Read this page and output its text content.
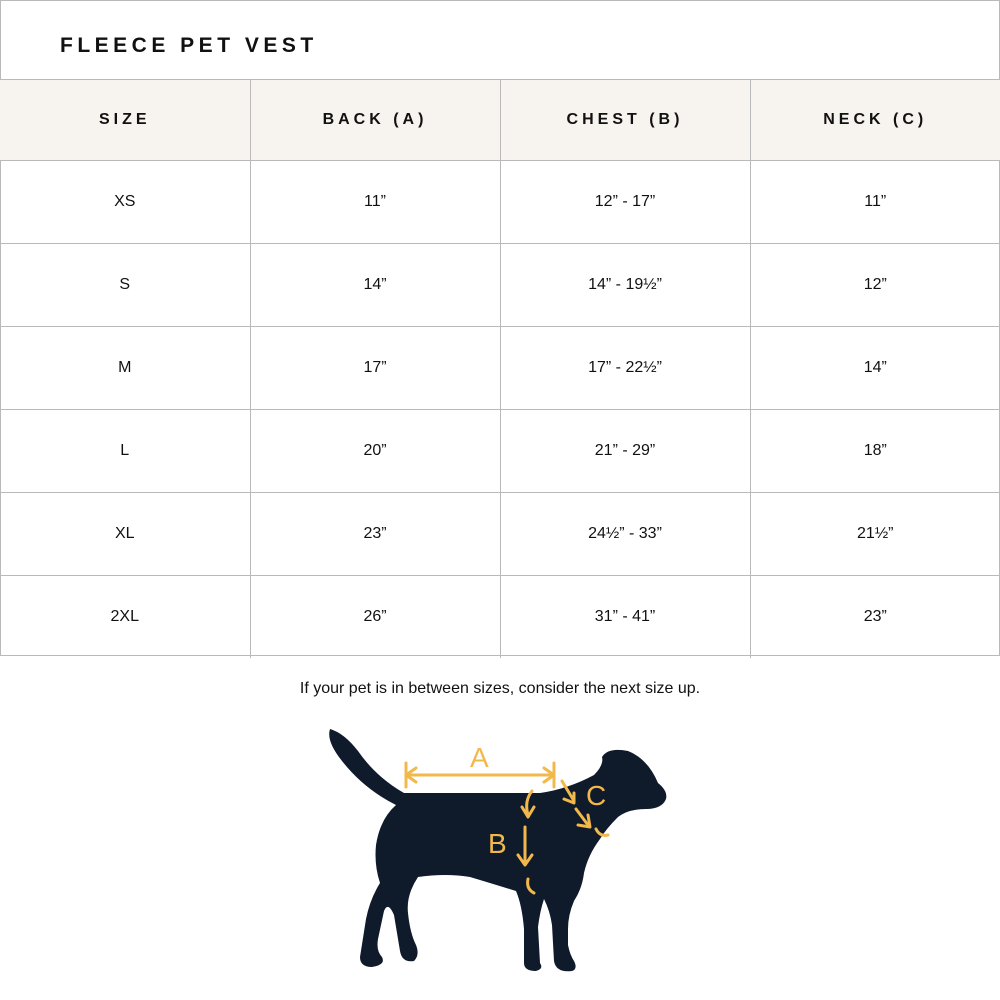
FLEECE PET VEST
SIZE	BACK (A)	CHEST (B)	NECK (C)
XS	11”	12” - 17”	11”
S	14”	14” - 19½”	12”
M	17”	17” - 22½”	14”
L	20”	21” - 29”	18”
XL	23”	24½” - 33”	21½”
2XL	26”	31” - 41”	23”
If your pet is in between sizes, consider the next size up.
A
B
C
